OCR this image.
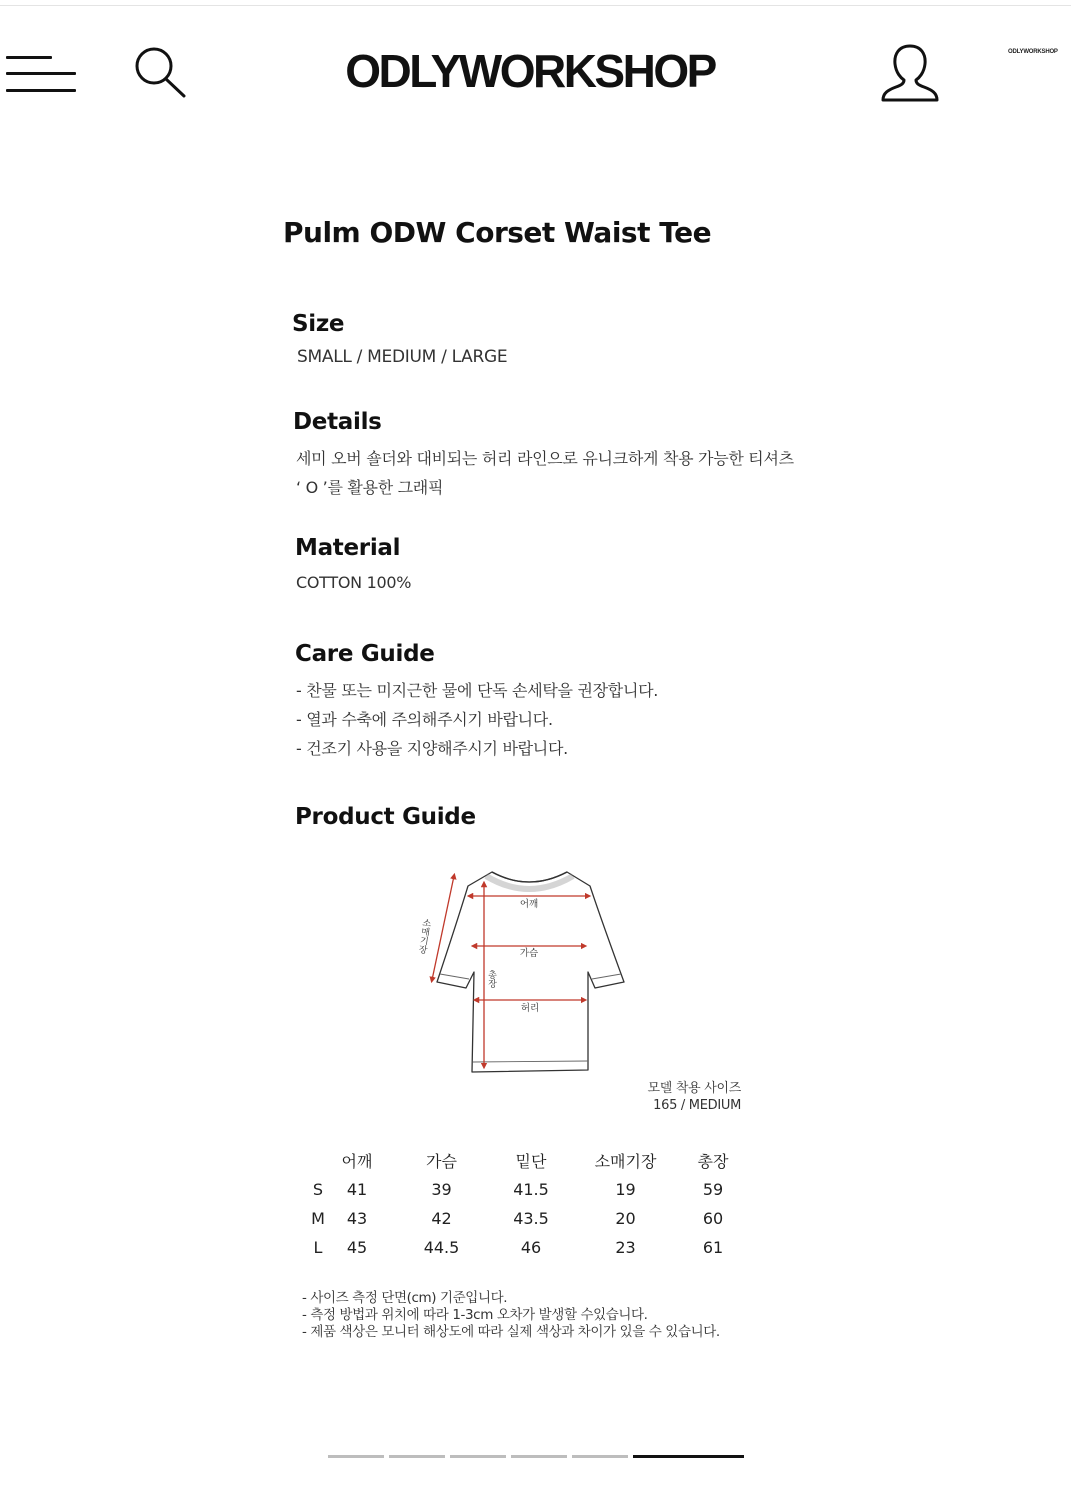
ODLYWORKSHOP	ODLYWORKSHOP
Pulm ODW Corset Waist Tee
Size
SMALL / MEDIUM / LARGE
Details
세미 오버 숄더와 대비되는 허리 라인으로 유니크하게 착용 가능한 티셔츠
‘ O ’를 활용한 그래픽
Material
COTTON 100%
Care Guide
- 찬물 또는 미지근한 물에 단독 손세탁을 권장합니다.
- 열과 수축에 주의해주시기 바랍니다.
- 건조기 사용을 지양해주시기 바랍니다.
Product Guide
어깨
가슴
허리
총장
소매기장
모델 착용 사이즈
165 / MEDIUM
	어깨	가슴	밑단	소매기장	총장
S	41	39	41.5	19	59
M	43	42	43.5	20	60
L	45	44.5	46	23	61
- 사이즈 측정 단면(cm) 기준입니다.
- 측정 방법과 위치에 따라 1-3cm 오차가 발생할 수있습니다.
- 제품 색상은 모니터 해상도에 따라 실제 색상과 차이가 있을 수 있습니다.
